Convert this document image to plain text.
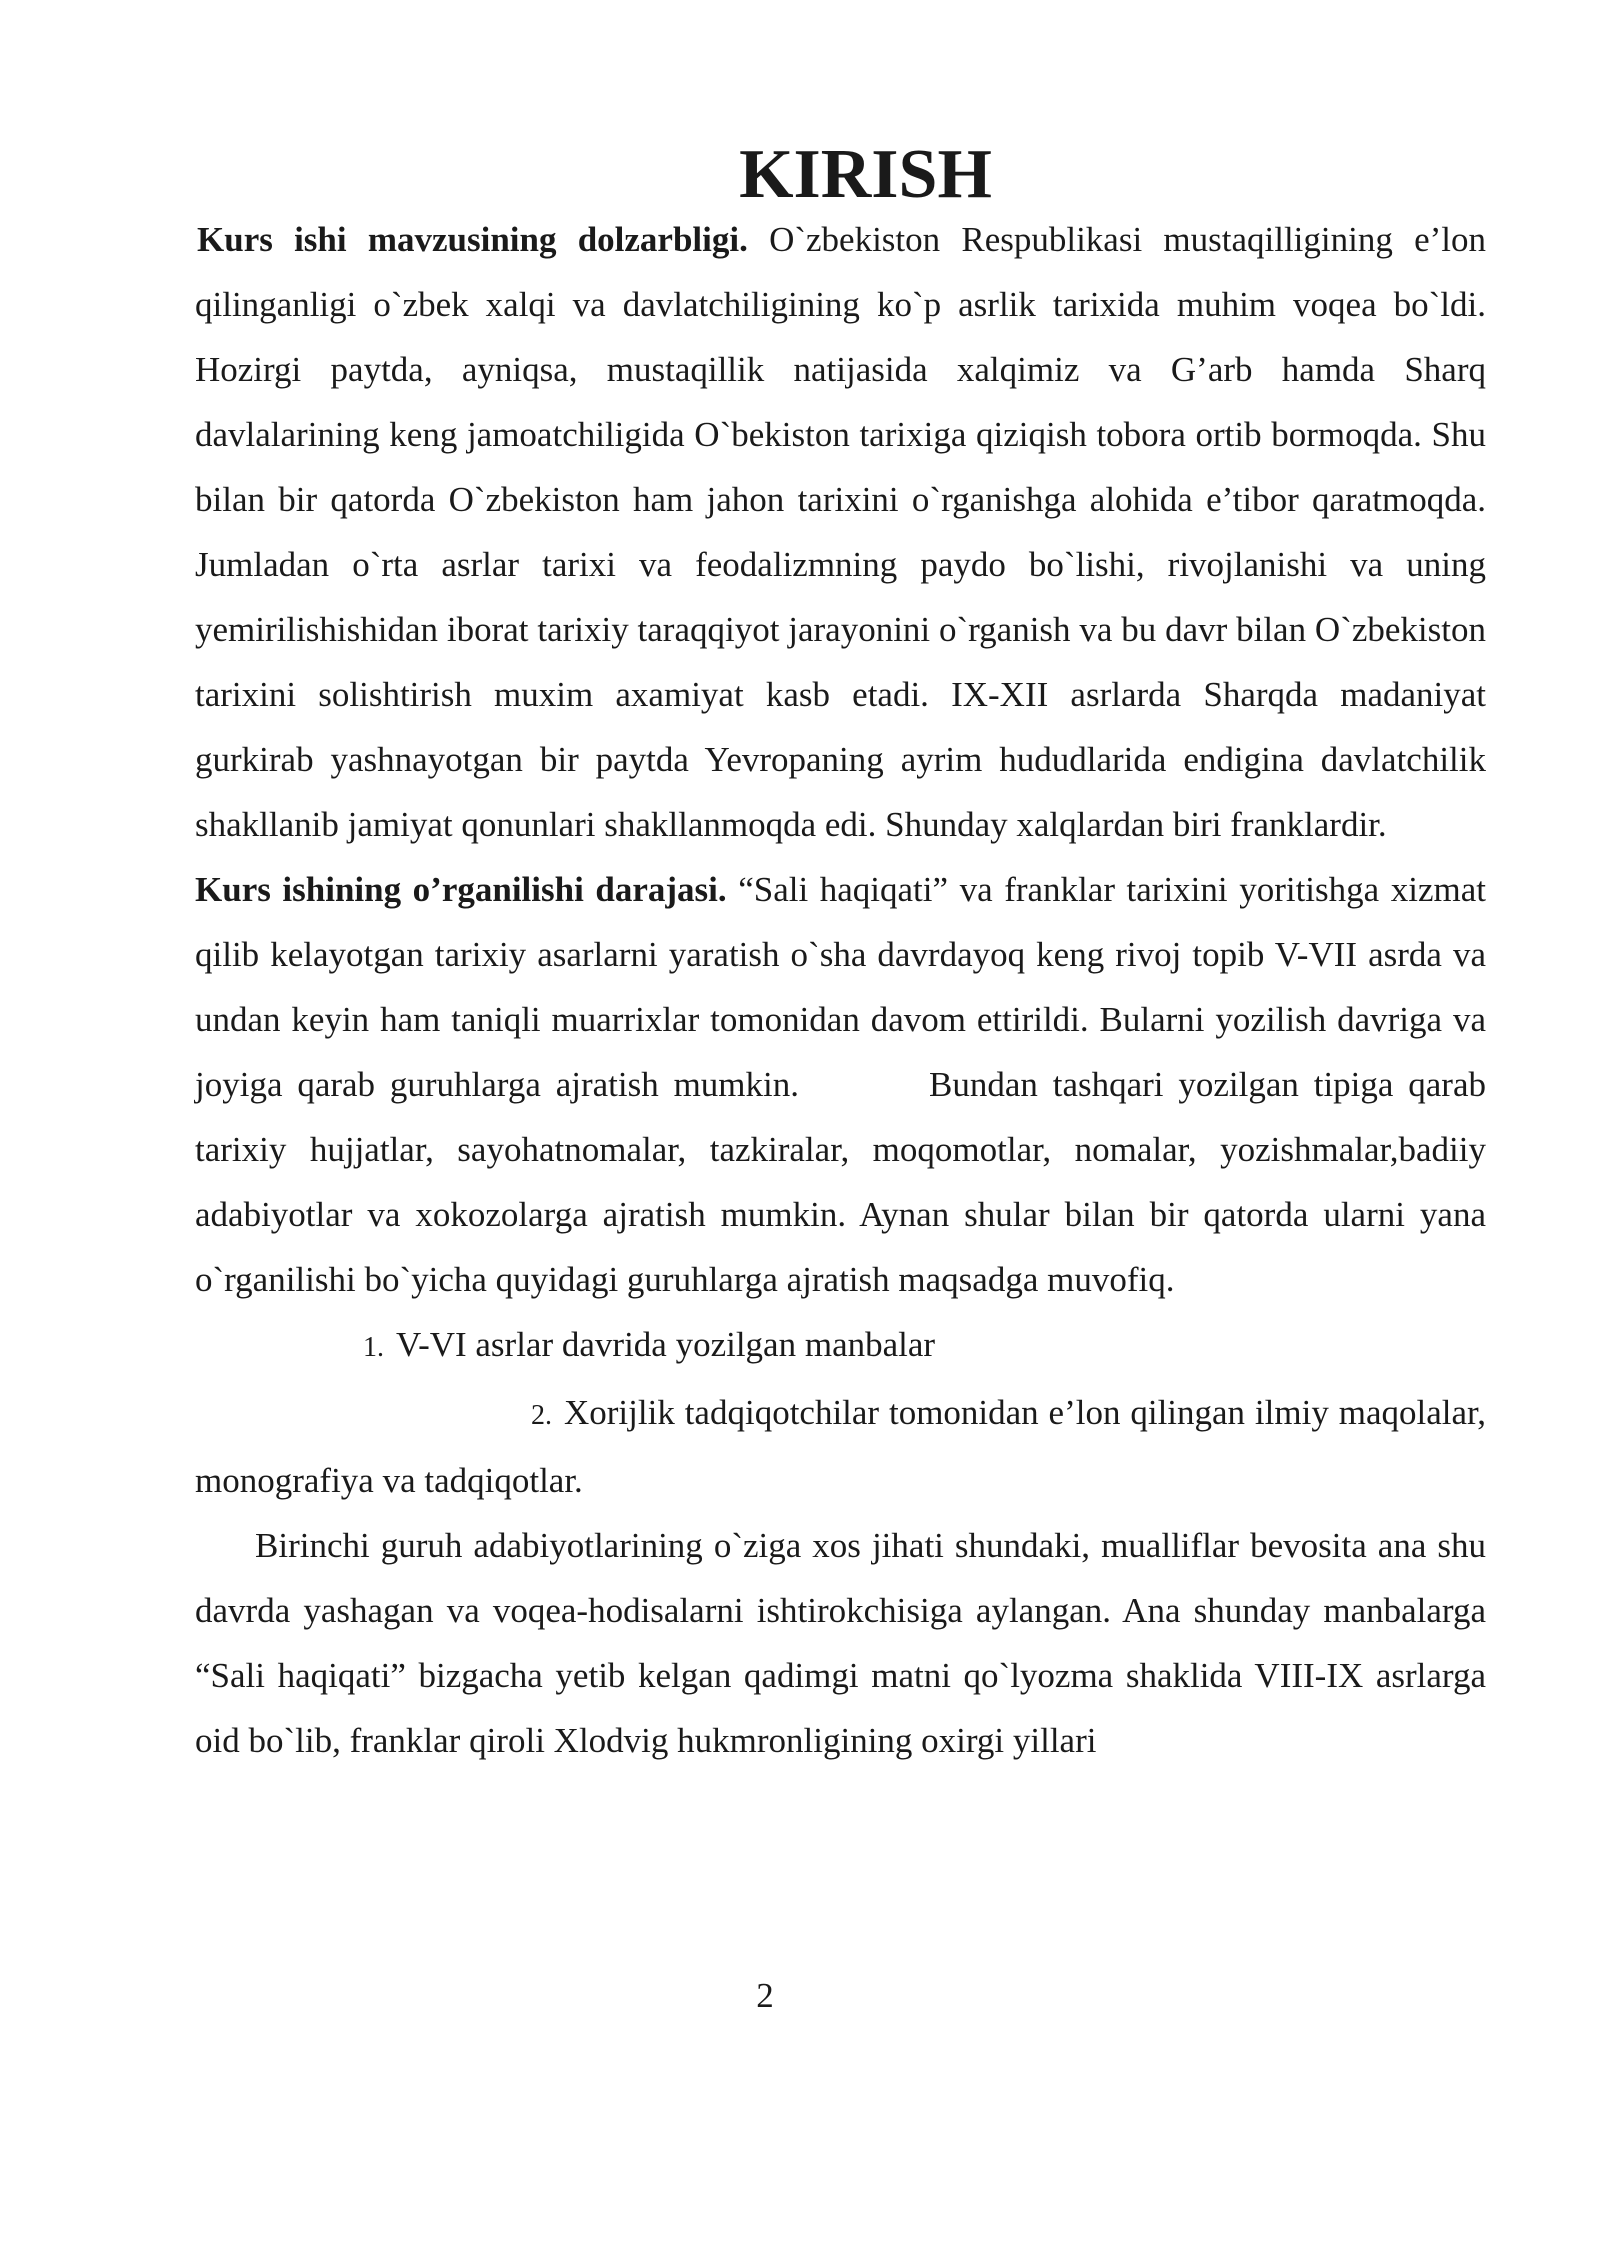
KIRISH

Kurs ishi mavzusining dolzarbligi. O`zbekiston Respublikasi mustaqilligining e’lon qilinganligi o`zbek xalqi va davlatchiligining ko`p asrlik tarixida muhim voqea bo`ldi. Hozirgi paytda, ayniqsa, mustaqillik natijasida xalqimiz va G’arb hamda Sharq davlalarining keng jamoatchiligida O`bekiston tarixiga qiziqish tobora ortib bormoqda. Shu bilan bir qatorda O`zbekiston ham jahon tarixini o`rganishga alohida e’tibor qaratmoqda. Jumladan o`rta asrlar tarixi va feodalizmning paydo bo`lishi, rivojlanishi va uning yemirilishishidan iborat tarixiy taraqqiyot jarayonini o`rganish va bu davr bilan O`zbekiston tarixini solishtirish muxim axamiyat kasb etadi. IX-XII asrlarda Sharqda madaniyat gurkirab yashnayotgan bir paytda Yevropaning ayrim hududlarida endigina davlatchilik shakllanib jamiyat qonunlari shakllanmoqda edi. Shunday xalqlardan biri franklardir.

Kurs ishining o’rganilishi darajasi. “Sali haqiqati” va franklar tarixini yoritishga xizmat qilib kelayotgan tarixiy asarlarni yaratish o`sha davrdayoq keng rivoj topib V-VII asrda va undan keyin ham taniqli muarrixlar tomonidan davom ettirildi. Bularni yozilish davriga va joyiga qarab guruhlarga ajratish mumkin.	Bundan tashqari yozilgan tipiga qarab tarixiy hujjatlar, sayohatnomalar, tazkiralar, moqomotlar, nomalar, yozishmalar,badiiy adabiyotlar va xokozolarga ajratish mumkin. Aynan shular bilan bir qatorda ularni yana o`rganilishi bo`yicha quyidagi guruhlarga ajratish maqsadga muvofiq.

1. V-VI asrlar davrida yozilgan manbalar

2. Xorijlik tadqiqotchilar tomonidan e’lon qilingan ilmiy maqolalar, monografiya va tadqiqotlar.

Birinchi guruh adabiyotlarining o`ziga xos jihati shundaki, mualliflar bevosita ana shu davrda yashagan va voqea-hodisalarni ishtirokchisiga aylangan. Ana shunday manbalarga “Sali haqiqati” bizgacha yetib kelgan qadimgi matni qo`lyozma shaklida VIII-IX asrlarga oid bo`lib, franklar qiroli Xlodvig hukmronligining oxirgi yillari

2
